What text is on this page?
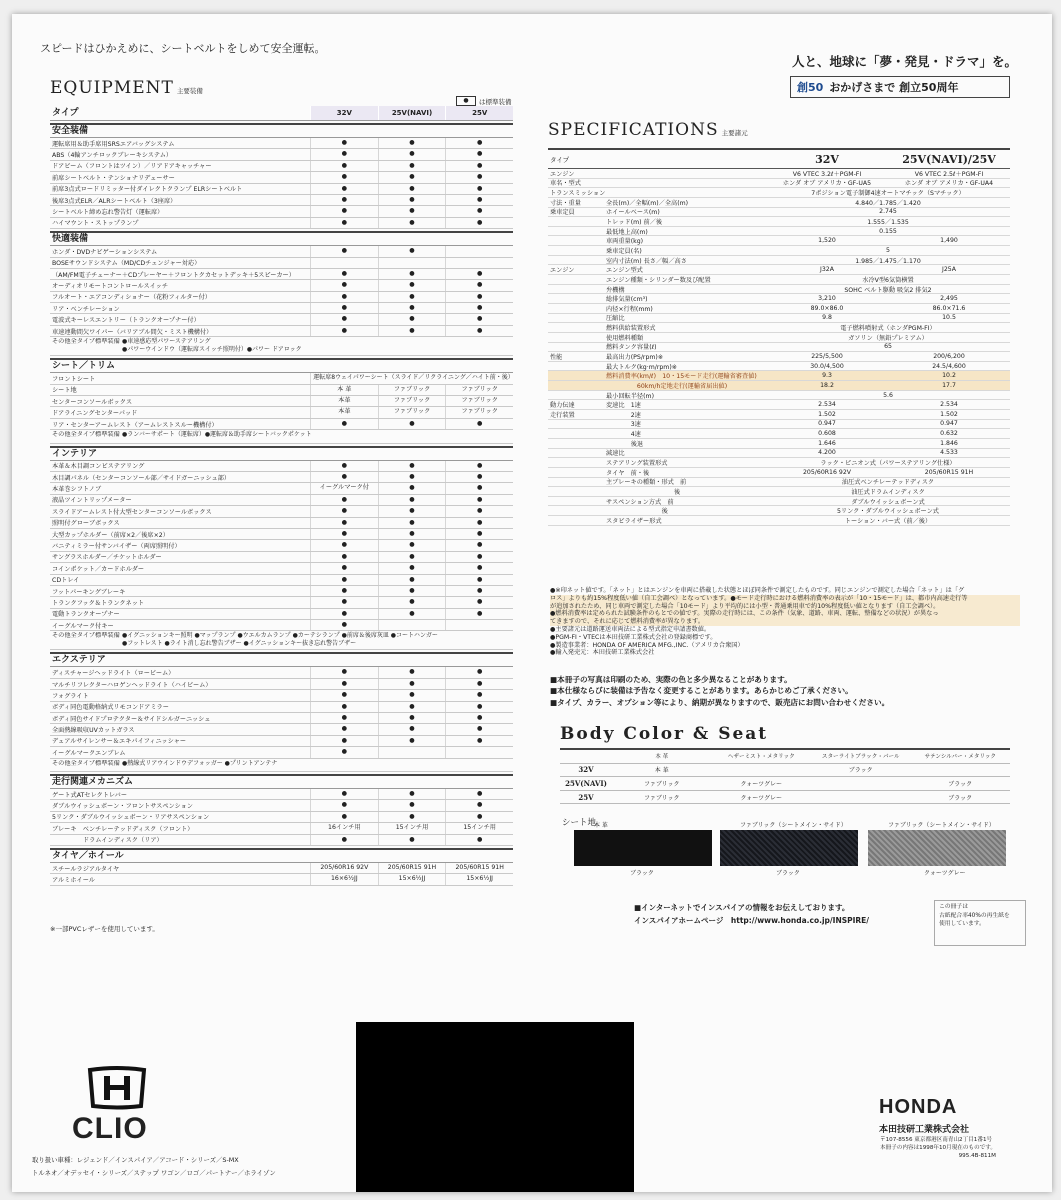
スピードはひかえめに、シートベルトをしめて安全運転。
人と、地球に「夢・発見・ドラマ」を。
創50 おかげさまで 創立50周年
EQUIPMENT 主要装備
●	は標準装備
タイプ	32V	25V(NAVI)	25V
安全装備
運転席用＆助手席用SRSエアバッグシステム	●	●	●
ABS（4輪アンチロックブレーキシステム）	●	●	●
ドアビーム（フロントはツイン）／リアドアキャッチャー	●	●	●
前席シートベルト・テンショナリデューサー	●	●	●
前席3点式ロードリミッター付ダイレクトクランプ ELRシートベルト	●	●	●
後席3点式ELR／ALRシートベルト（3座席）	●	●	●
シートベルト締め忘れ警告灯（運転席）	●	●	●
ハイマウント・ストップランプ	●	●	●
快適装備
ホンダ・DVDナビゲーションシステム	●	●
BOSEサウンドシステム（MD/CDチェンジャー対応）
（AM/FM電子チューナー＋CDプレーヤー＋フロントクカセットデッキ＋5スピーカー）	●	●	●
オーディオリモートコントロールスイッチ	●	●	●
フルオート・エアコンディショナー（花粉フィルター付）	●	●	●
リア・ベンチレーション	●	●	●
電波式キーレスエントリー（トランクオープナー付）	●	●	●
車速連動間欠ワイパー（バリアブル間欠・ミスト機構付）	●	●	●
その他全タイプ標準装備 ●車速感応型パワーステアリング
●パワーウインドウ（運転席スイッチ照明付）●パワー ドアロック
シート／トリム
フロントシート	運転席8ウェイパワーシート（スライド／リクライニング／ハイト前・後）
シート地	本 革	ファブリック	ファブリック
センターコンソールボックス	本革	ファブリック	ファブリック
ドアライニングセンターパッド	本革	ファブリック	ファブリック
リア・センターアームレスト（アームレストスルー機構付）	●	●	●
その他全タイプ標準装備 ●ランバーサポート（運転席）●運転席＆助手席シートバックポケット
インテリア
本革＆木目調コンビステアリング	●	●	●
木目調パネル（センターコンソール部／サイドガーニッシュ部）	●	●	●
本革巻シフトノブ	イーグルマーク付	●	●
液晶ツイントリップメーター	●	●	●
スライドアームレスト付大型センターコンソールボックス	●	●	●
照明付グローブボックス	●	●	●
大型カップホルダー（前席×2／後席×2）	●	●	●
バニティミラー付サンバイザー（両席照明付）	●	●	●
サングラスホルダー／チケットホルダー	●	●	●
コインポケット／カードホルダー	●	●	●
CDトレイ	●	●	●
フットパーキングブレーキ	●	●	●
トランクフック＆トランクネット	●	●	●
電動トランクオープナー	●	●	●
イーグルマーク付キー	●
その他全タイプ標準装備 ●イグニッションキー照明 ●マップランプ ●ウエルカムランプ ●カーテシランプ ●前席＆後席灰皿 ●コートハンガー
●フットレスト ●ライト消し忘れ警告ブザー ●イグニッションキー抜き忘れ警告ブザー
エクステリア
ディスチャージヘッドライト（ロービーム）	●	●	●
マルチリフレクターハロゲンヘッドライト（ハイビーム）	●	●	●
フォグライト	●	●	●
ボディ同色電動格納式リモコンドアミラー	●	●	●
ボディ同色サイドプロテクター＆サイドシルガーニッシュ	●	●	●
全面熱線吸収UVカットガラス	●	●	●
デュアルサイレンサー＆エキパイフィニッシャー	●	●	●
イーグルマークエンブレム	●
その他全タイプ標準装備 ●熱線式リアウインドウデフォッガー ●プリントアンテナ
走行関連メカニズム
ゲート式ATセレクトレバー	●	●	●
ダブルウイッシュボーン・フロントサスペンション	●	●	●
5リンク・ダブルウイッシュボーン・リアサスペンション	●	●	●
ブレーキ　ベンチレーテッドディスク（フロント）	16インチ用	15インチ用	15インチ用
　　　　　ドラムインディスク（リア）	●	●	●
タイヤ／ホイール
スチールラジアルタイヤ	205/60R16 92V	205/60R15 91H	205/60R15 91H
アルミホイール	16×6½JJ	15×6½JJ	15×6½JJ
※一部PVCレザーを使用しています。
SPECIFICATIONS 主要諸元
タイプ	32V	25V(NAVI)/25V
エンジン	V6 VTEC 3.2ℓ＋PGM-FI	V6 VTEC 2.5ℓ＋PGM-FI
車名・型式	ホンダ オブ アメリカ・GF-UA5	ホンダ オブ アメリカ・GF-UA4
トランスミッション	7ポジション電子制御4速オートマチック（Sマチック）
寸法・重量	全長(m)／全幅(m)／全高(m)	4.840／1.785／1.420
乗車定員	ホイールベース(m)	2.745
トレッド(m) 前／後	1.555／1.535
最低地上高(m)	0.155
車両重量(kg)	1,520	1,490
乗車定員(名)	5
室内寸法(m) 長さ／幅／高さ	1.985／1.475／1.170
エンジン	エンジン型式	J32A	J25A
エンジン種類・シリンダー数及び配置	水冷V型6気筒横置
弁機構	SOHC ベルト駆動 吸気2 排気2
総排気量(cm³)	3,210	2,495
内径×行程(mm)	89.0×86.0	86.0×71.6
圧縮比	9.8	10.5
燃料供給装置形式	電子燃料噴射式（ホンダPGM-FI）
使用燃料種類	ガソリン（無鉛プレミアム）
燃料タンク容量(ℓ)	65
性能	最高出力(PS/rpm)※	225/5,500	200/6,200
最大トルク(kg·m/rpm)※	30.0/4,500	24.5/4,600
燃料消費率(km/ℓ)　10・15モード走行(運輸省審査値)	9.3	10.2
　　　　　60km/h定地走行(運輸省届出値)	18.2	17.7
最小回転半径(m)	5.6
動力伝達	変速比　1速	2.534	2.534
走行装置	　　　　2速	1.502	1.502
　　　　3速	0.947	0.947
　　　　4速	0.608	0.632
　　　　後退	1.646	1.846
減速比	4.200	4.533
ステアリング装置形式	ラック・ピニオン式（パワーステアリング仕様）
タイヤ　前・後	205/60R16 92V	205/60R15 91H
主ブレーキの種類・形式　前	油圧式ベンチレーテッドディスク
　　　　　　　　　　　後	油圧式ドラムインディスク
サスペンション方式　前	ダブルウイッシュボーン式
　　　　　　　　　後	5リンク・ダブルウイッシュボーン式
スタビライザー形式	トーション・バー式（前／後）
●※印ネット値です。「ネット」とはエンジンを車両に搭載した状態とほぼ同条件で測定したものです。同じエンジンで測定した場合「ネット」は「グ
ロス」よりも約15%程度低い値（自工会調べ）となっています。●モード走行時における燃料消費率の表示が「10・15モード」は、都市内高速走行等
が追加されたため、同じ車両で測定した場合「10モード」より平均的には小型・普通乗用車で約10%程度低い値となります（自工会調べ）。
●燃料消費率は定められた試験条件のもとでの値です。実際の走行時には、この条件（気象、道路、車両、運転、整備などの状況）が異なっ
てきますので、それに応じて燃料消費率が異なります。
●主要諸元は道路運送車両法による型式指定申請書数値。
●PGM-FI・VTECは本田技研工業株式会社の登録商標です。
●製造事業者：HONDA OF AMERICA MFG.,INC.（アメリカ合衆国）
●輸入発売元：本田技研工業株式会社
■本冊子の写真は印刷のため、実際の色と多少異なることがあります。
■本仕様ならびに装備は予告なく変更することがあります。あらかじめご了承ください。
■タイプ、カラー、オプション等により、納期が異なりますので、販売店にお問い合わせください。
Body Color & Seat
本 革	ヘザーミスト・メタリック	スターライトブラック・パール	サテンシルバー・メタリック
32V	本 革	ブラック
25V(NAVI)	ファブリック	クォーツグレー	ブラック
25V	ファブリック	クォーツグレー	ブラック
シート地
本 革
ブラック
ファブリック（シートメイン・サイド）
ブラック
ファブリック（シートメイン・サイド）
クォーツグレー
■インターネットでインスパイアの情報をお伝えしております。
インスパイアホームページ　http://www.honda.co.jp/INSPIRE/
この冊子は
古紙配合率40%の再生紙を
使用しています。
CLIO
取り扱い車種：レジェンド／インスパイア／アコード・シリーズ／S-MX
トルネオ／オデッセイ・シリーズ／ステップ ワゴン／ロゴ／パートナー／ホライゾン
HONDA
本田技研工業株式会社
〒107-8556 東京都港区南青山2丁目1番1号
本冊子の内容は1998年10月現在のものです。
995.4B-811M
